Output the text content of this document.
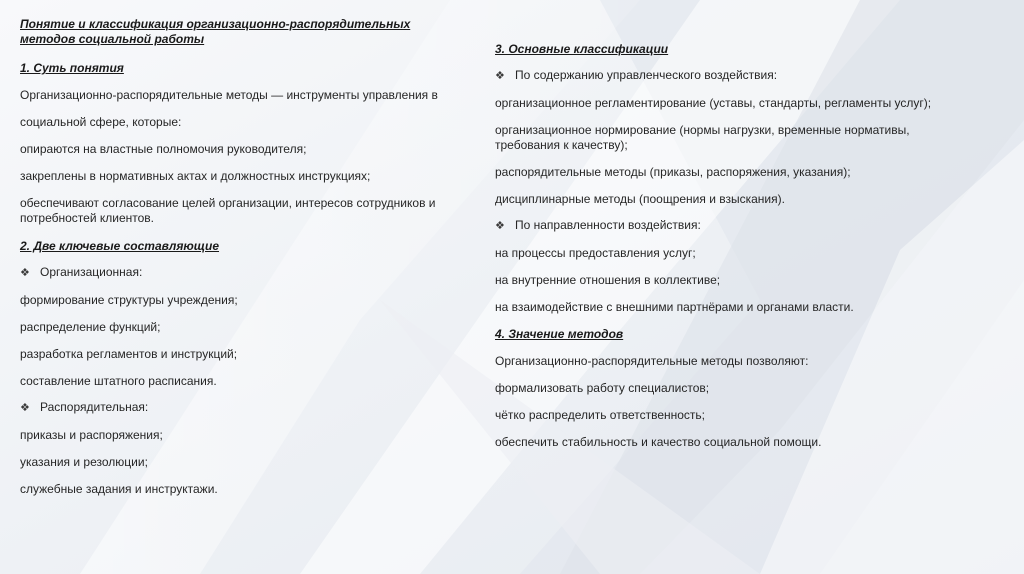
Понятие и классификация организационно-распорядительных методов социальной работы

1. Суть понятия

Организационно-распорядительные методы — инструменты управления в

социальной сфере, которые:

опираются на властные полномочия руководителя;

закреплены в нормативных актах и должностных инструкциях;

обеспечивают согласование целей организации, интересов сотрудников и потребностей клиентов.

2. Две ключевые составляющие

❖ Организационная:

формирование структуры учреждения;

распределение функций;

разработка регламентов и инструкций;

составление штатного расписания.

❖ Распорядительная:

приказы и распоряжения;

указания и резолюции;

служебные задания и инструктажи.

3. Основные классификации

❖ По содержанию управленческого воздействия:

организационное регламентирование (уставы, стандарты, регламенты услуг);

организационное нормирование (нормы нагрузки, временные нормативы, требования к качеству);

распорядительные методы (приказы, распоряжения, указания);

дисциплинарные методы (поощрения и взыскания).

❖ По направленности воздействия:

на процессы предоставления услуг;

на внутренние отношения в коллективе;

на взаимодействие с внешними партнёрами и органами власти.

4. Значение методов

Организационно-распорядительные методы позволяют:

формализовать работу специалистов;

чётко распределить ответственность;

обеспечить стабильность и качество социальной помощи.
